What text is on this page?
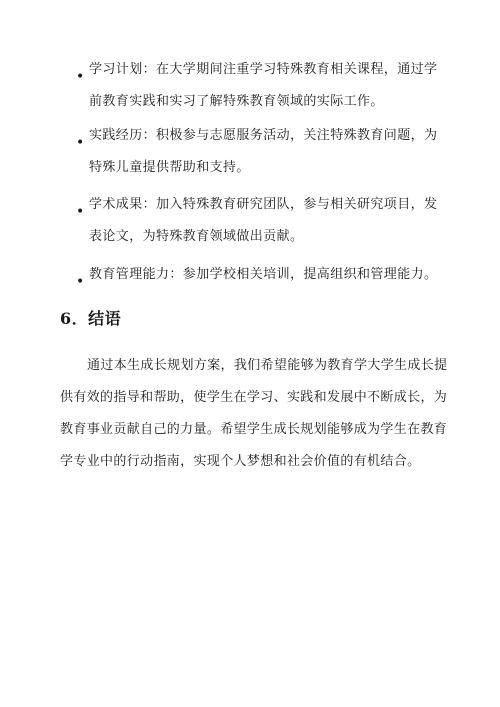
• 学习计划：在大学期间注重学习特殊教育相关课程，通过学
前教育实践和实习了解特殊教育领域的实际工作。
• 实践经历：积极参与志愿服务活动，关注特殊教育问题，为
特殊儿童提供帮助和支持。
• 学术成果：加入特殊教育研究团队，参与相关研究项目，发
表论文，为特殊教育领域做出贡献。
• 教育管理能力：参加学校相关培训，提高组织和管理能力。
6．结语
通过本生成长规划方案，我们希望能够为教育学大学生成长提
供有效的指导和帮助，使学生在学习、实践和发展中不断成长，为
教育事业贡献自己的力量。希望学生成长规划能够成为学生在教育
学专业中的行动指南，实现个人梦想和社会价值的有机结合。
